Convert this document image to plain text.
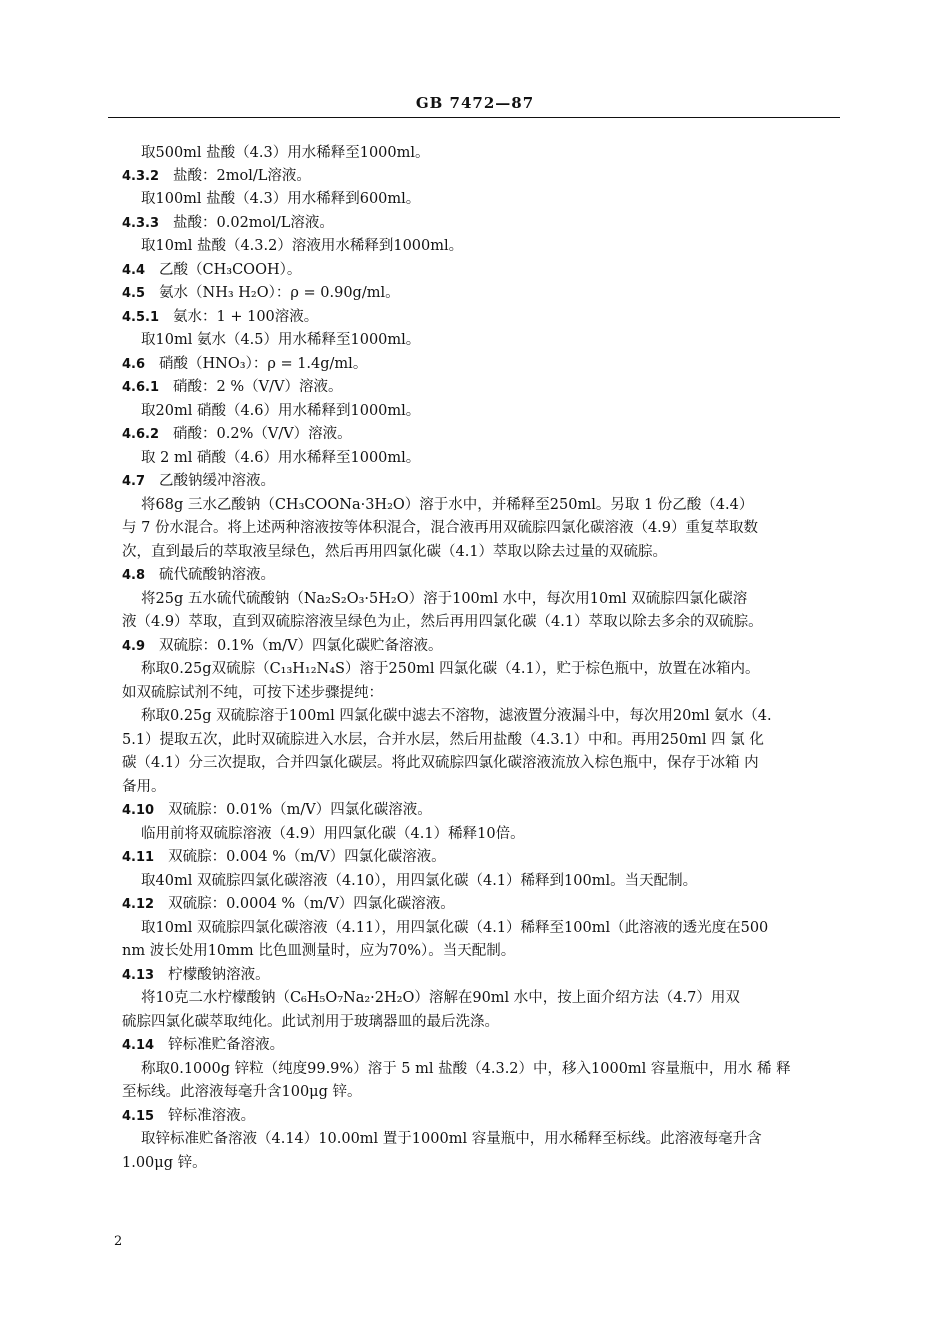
GB 7472—87
取500ml 盐酸（4.3）用水稀释至1000ml。
4.3.2 盐酸：2mol/L溶液。
取100ml 盐酸（4.3）用水稀释到600ml。
4.3.3 盐酸：0.02mol/L溶液。
取10ml 盐酸（4.3.2）溶液用水稀释到1000ml。
4.4 乙酸（CH₃COOH）。
4.5 氨水（NH₃ H₂O）：ρ = 0.90g/ml。
4.5.1 氨水：1 + 100溶液。
取10ml 氨水（4.5）用水稀释至1000ml。
4.6 硝酸（HNO₃）：ρ = 1.4g/ml。
4.6.1 硝酸：2 %（V/V）溶液。
取20ml 硝酸（4.6）用水稀释到1000ml。
4.6.2 硝酸：0.2%（V/V）溶液。
取 2 ml 硝酸（4.6）用水稀释至1000ml。
4.7 乙酸钠缓冲溶液。
将68g 三水乙酸钠（CH₃COONa·3H₂O）溶于水中，并稀释至250ml。另取 1 份乙酸（4.4）
与 7 份水混合。将上述两种溶液按等体积混合，混合液再用双硫腙四氯化碳溶液（4.9）重复萃取数
次，直到最后的萃取液呈绿色，然后再用四氯化碳（4.1）萃取以除去过量的双硫腙。
4.8 硫代硫酸钠溶液。
将25g 五水硫代硫酸钠（Na₂S₂O₃·5H₂O）溶于100ml 水中，每次用10ml 双硫腙四氯化碳溶
液（4.9）萃取，直到双硫腙溶液呈绿色为止，然后再用四氯化碳（4.1）萃取以除去多余的双硫腙。
4.9 双硫腙：0.1%（m/V）四氯化碳贮备溶液。
称取0.25g双硫腙（C₁₃H₁₂N₄S）溶于250ml 四氯化碳（4.1），贮于棕色瓶中，放置在冰箱内。
如双硫腙试剂不纯，可按下述步骤提纯：
称取0.25g 双硫腙溶于100ml 四氯化碳中滤去不溶物，滤液置分液漏斗中，每次用20ml 氨水（4.
5.1）提取五次，此时双硫腙进入水层，合并水层，然后用盐酸（4.3.1）中和。再用250ml 四 氯 化
碳（4.1）分三次提取，合并四氯化碳层。将此双硫腙四氯化碳溶液流放入棕色瓶中，保存于冰箱 内
备用。
4.10 双硫腙：0.01%（m/V）四氯化碳溶液。
临用前将双硫腙溶液（4.9）用四氯化碳（4.1）稀释10倍。
4.11 双硫腙：0.004 %（m/V）四氯化碳溶液。
取40ml 双硫腙四氯化碳溶液（4.10），用四氯化碳（4.1）稀释到100ml。当天配制。
4.12 双硫腙：0.0004 %（m/V）四氯化碳溶液。
取10ml 双硫腙四氯化碳溶液（4.11），用四氯化碳（4.1）稀释至100ml（此溶液的透光度在500
nm 波长处用10mm 比色皿测量时，应为70%）。当天配制。
4.13 柠檬酸钠溶液。
将10克二水柠檬酸钠（C₆H₅O₇Na₂·2H₂O）溶解在90ml 水中，按上面介绍方法（4.7）用双
硫腙四氯化碳萃取纯化。此试剂用于玻璃器皿的最后洗涤。
4.14 锌标准贮备溶液。
称取0.1000g 锌粒（纯度99.9%）溶于 5 ml 盐酸（4.3.2）中，移入1000ml 容量瓶中，用水 稀 释
至标线。此溶液每毫升含100μg 锌。
4.15 锌标准溶液。
取锌标准贮备溶液（4.14）10.00ml 置于1000ml 容量瓶中，用水稀释至标线。此溶液每毫升含
1.00μg 锌。
2
